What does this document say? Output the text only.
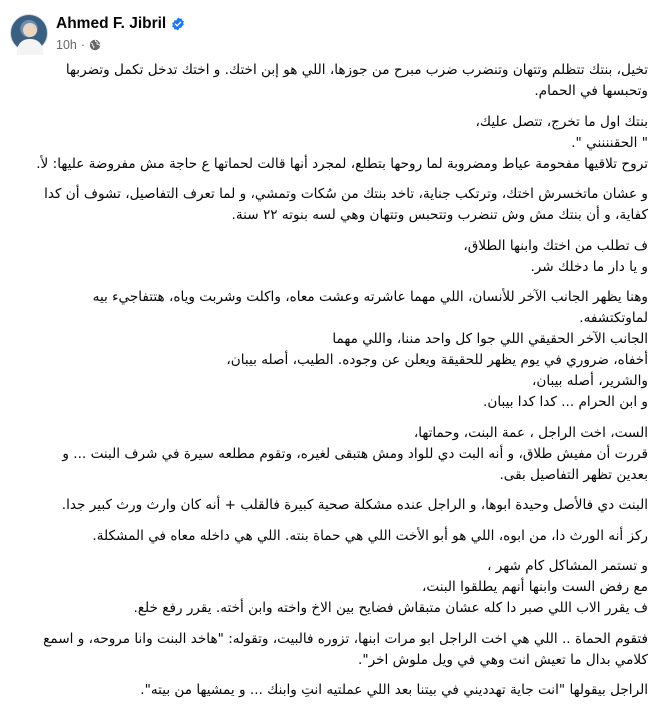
Ahmed F. Jibril
10h ·
تخيل، بنتك تتظلم وتتهان وتنضرب ضرب مبرح من جوزها، اللي هو إبن اختك. و اختك تدخل تكمل وتضربها
وتحبسها في الحمام.
بنتك اول ما تخرج، تتصل عليك،
" الحقنننني ".
تروح تلاقيها مفحومة عياط ومضروبة لما روحها بتطلع، لمجرد أنها قالت لحماتها ع حاجة مش مفروضة عليها: لأ.
و عشان ماتخسرش اختك، وترتكب جناية، تاخد بنتك من سُكات وتمشي، و لما تعرف التفاصيل، تشوف أن كدا
كفاية، و أن بنتك مش وش تنضرب وتتحبس وتتهان وهي لسه بنوته ٢٢ سنة.
ف تطلب من اختك وابنها الطلاق،
و يا دار ما دخلك شر.
وهنا يظهر الجانب الآخر للأنسان، اللي مهما عاشرته وعشت معاه، واكلت وشربت وياه، هتتفاجيء بيه
لماوتكتشفه.
الجانب الآخر الحقيقي اللي جوا كل واحد مننا، واللي مهما
أخفاه، ضروري في يوم يظهر للحقيقة ويعلن عن وجوده. الطيب، أصله بيبان،
والشرير، أصله بيبان،
و ابن الحرام ... كدا كدا بيبان.
الست، اخت الراجل ، عمة البنت، وحماتها،
قررت أن مفيش طلاق، و أنه البت دي للواد ومش هتبقى لغيره، وتقوم مطلعه سيرة في شرف البنت ... و
بعدين تظهر التفاصيل بقى.
البنت دي فالأصل وحيدة ابوها، و الراجل عنده مشكلة صحية كبيرة فالقلب + أنه كان وارث ورث كبير جدا.
ركز أنه الورث دا، من ابوه، اللي هو أبو الأخت اللي هي حماة بنته. اللي هي داخله معاه في المشكلة.
و تستمر المشاكل كام شهر ،
مع رفض الست وابنها أنهم يطلقوا البنت،
ف يقرر الاب اللي صبر دا كله عشان متبقاش فضايح بين الاخ واخته وابن أخته. يقرر رفع خلع.
فتقوم الحماة .. اللي هي اخت الراجل ابو مرات ابنها، تزوره فالبيت، وتقوله: "هاخد البنت وانا مروحه، و اسمع
كلامي بدال ما تعيش انت وهي في ويل ملوش اخر".
الراجل بيقولها "انت جاية تهدديني في بيتنا بعد اللي عملتيه انتِ وابنك ... و يمشيها من بيته".
